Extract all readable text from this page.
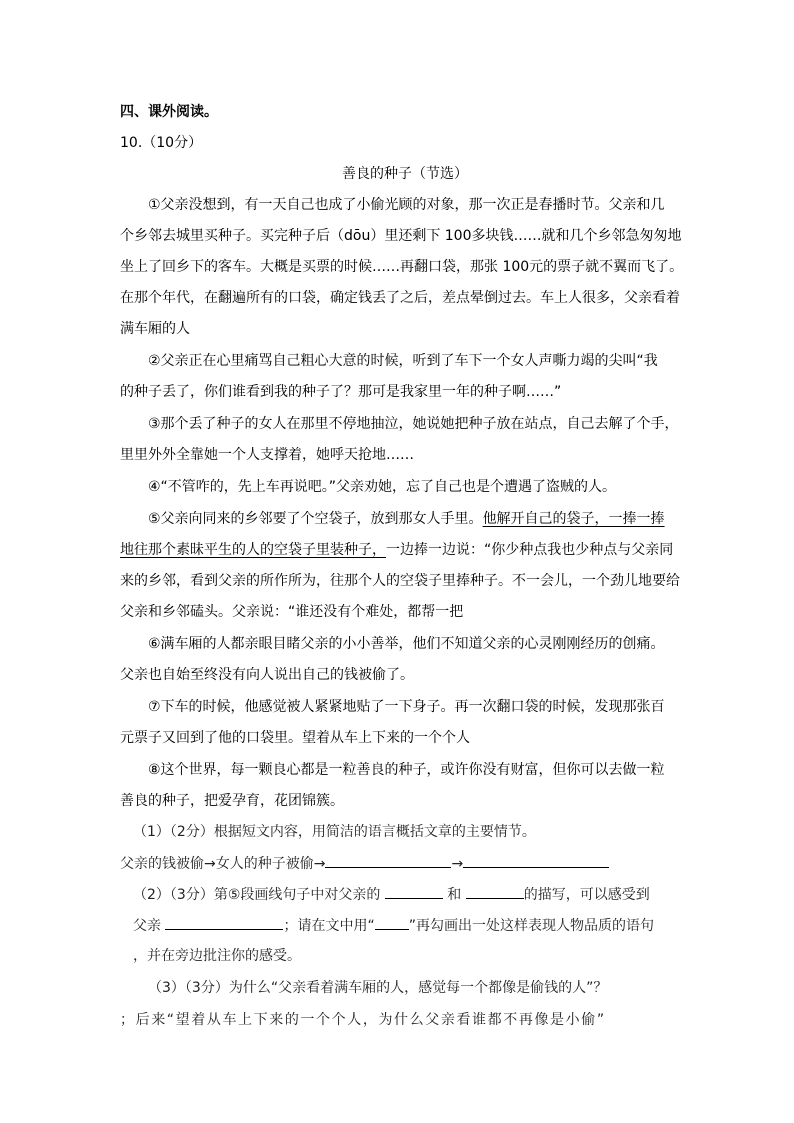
四、课外阅读。
10.（10分）
善良的种子（节选）
①父亲没想到，有一天自己也成了小偷光顾的对象，那一次正是春播时节。父亲和几
个乡邻去城里买种子。买完种子后（dōu）里还剩下 100多块钱……就和几个乡邻急匆匆地
坐上了回乡下的客车。大概是买票的时候……再翻口袋，那张 100元的票子就不翼而飞了。
在那个年代，在翻遍所有的口袋，确定钱丢了之后，差点晕倒过去。车上人很多，父亲看着
满车厢的人
②父亲正在心里痛骂自己粗心大意的时候，听到了车下一个女人声嘶力竭的尖叫“我
的种子丢了，你们谁看到我的种子了？那可是我家里一年的种子啊……”
③那个丢了种子的女人在那里不停地抽泣，她说她把种子放在站点，自己去解了个手，
里里外外全靠她一个人支撑着，她呼天抢地……
④“不管咋的，先上车再说吧。”父亲劝她，忘了自己也是个遭遇了盗贼的人。
⑤父亲向同来的乡邻要了个空袋子，放到那女人手里。他解开自己的袋子，一捧一捧
地往那个素昧平生的人的空袋子里装种子，一边捧一边说：“你少种点我也少种点与父亲同
来的乡邻，看到父亲的所作所为，往那个人的空袋子里捧种子。不一会儿，一个劲儿地要给
父亲和乡邻磕头。父亲说：“谁还没有个难处，都帮一把
⑥满车厢的人都亲眼目睹父亲的小小善举，他们不知道父亲的心灵刚刚经历的创痛。
父亲也自始至终没有向人说出自己的钱被偷了。
⑦下车的时候，他感觉被人紧紧地贴了一下身子。再一次翻口袋的时候，发现那张百
元票子又回到了他的口袋里。望着从车上下来的一个个人
⑧这个世界，每一颗良心都是一粒善良的种子，或许你没有财富，但你可以去做一粒
善良的种子，把爱孕育，花团锦簇。
（1）（2分）根据短文内容，用简洁的语言概括文章的主要情节。
父亲的钱被偷→女人的种子被偷→	→
（2）（3分）第⑤段画线句子中对父亲的	和	的描写，可以感受到
父亲	；请在文中用“ ”再勾画出一处这样表现人物品质的语句
，并在旁边批注你的感受。
（3）（3分）为什么“父亲看着满车厢的人，感觉每一个都像是偷钱的人”？
；后来“望着从车上下来的一个个人，为什么父亲看谁都不再像是小偷”
